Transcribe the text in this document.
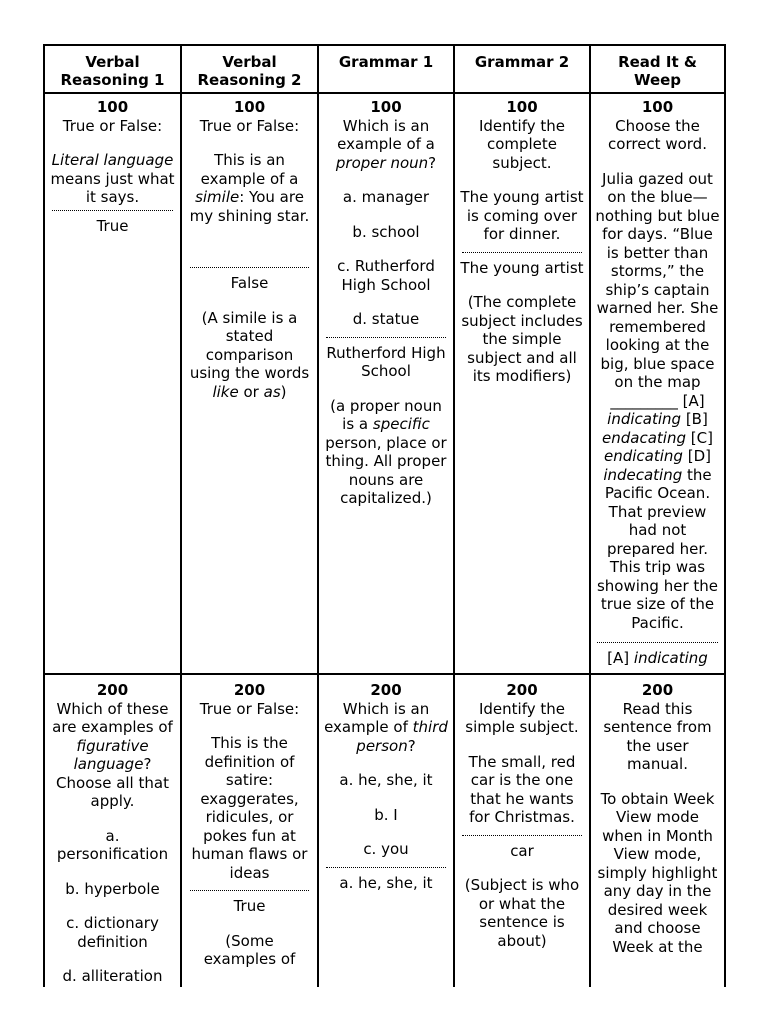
Verbal
Reasoning 1
Verbal
Reasoning 2
Grammar 1	Grammar 2	Read It &
Weep
100

True or False:

Literal language means just what it says.

True

100

True or False:

This is an example of a simile: You are my shining star.

False

(A simile is a stated comparison using the words like or as)

100

Which is an example of a proper noun?

a. manager

b. school

c. Rutherford High School

d. statue

Rutherford High School

(a proper noun is a specific person, place or thing. All proper nouns are capitalized.)

100

Identify the complete subject.

The young artist is coming over for dinner.

The young artist

(The complete subject includes the simple subject and all its modifiers)

100

Choose the correct word.

Julia gazed out on the blue—nothing but blue for days. “Blue is better than storms,” the ship’s captain warned her. She remembered looking at the big, blue space on the map _________ [A] indicating [B] endacating [C] endicating [D] indecating the Pacific Ocean. That preview had not prepared her. This trip was showing her the true size of the Pacific.

[A] indicating

200

Which of these are examples of figurative language? Choose all that apply.

a. personification

b. hyperbole

c. dictionary definition

d. alliteration

200

True or False:

This is the definition of satire: exaggerates, ridicules, or pokes fun at human flaws or ideas

True

(Some examples of

200

Which is an example of third person?

a. he, she, it

b. I

c. you

a. he, she, it

200

Identify the simple subject.

The small, red car is the one that he wants for Christmas.

car

(Subject is who or what the sentence is about)

200

Read this sentence from the user manual.

To obtain Week View mode when in Month View mode, simply highlight any day in the desired week and choose Week at the
